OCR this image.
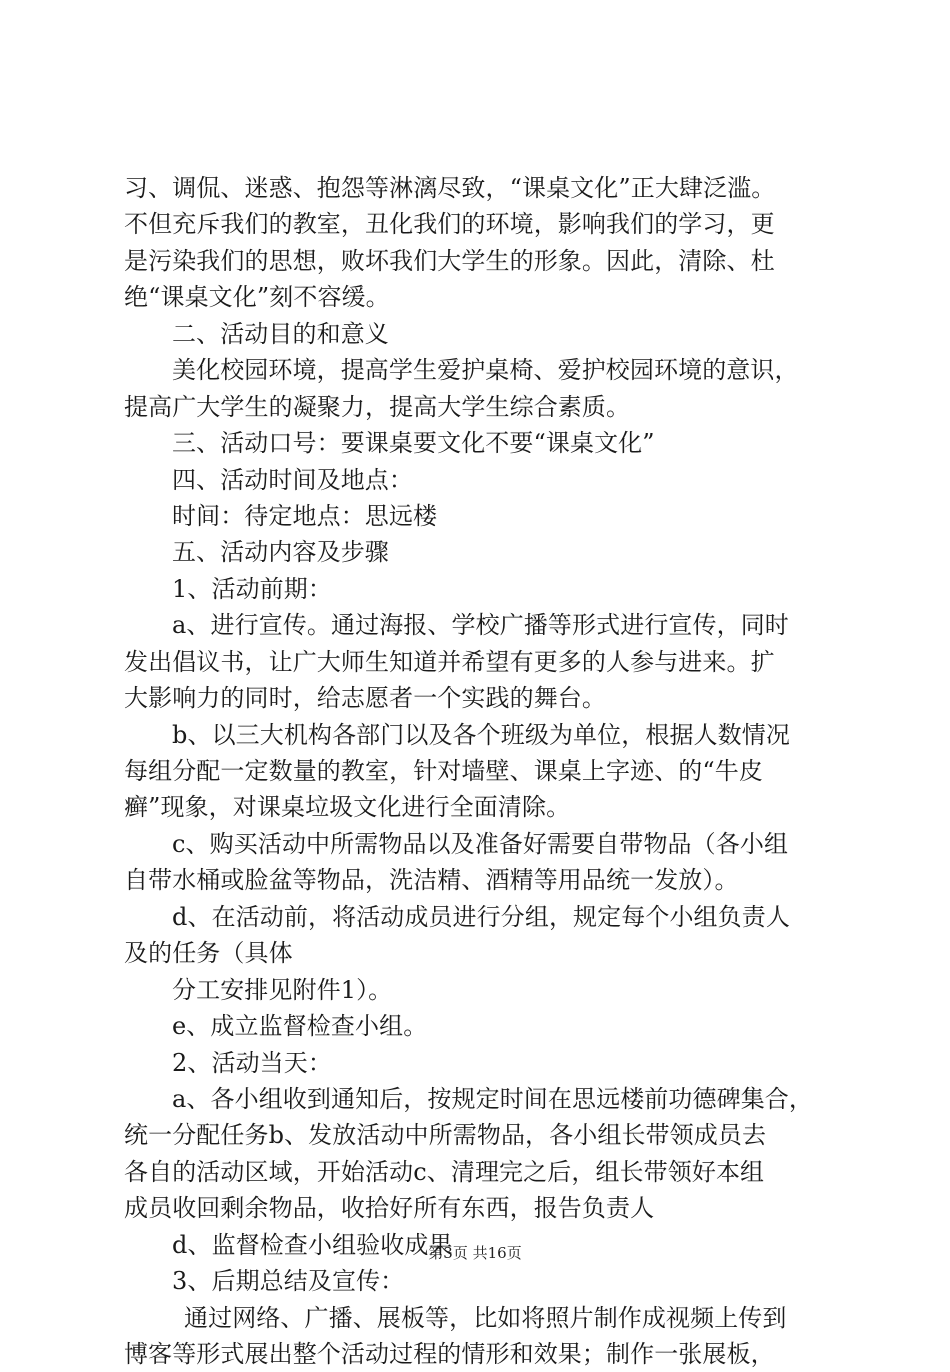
习、调侃、迷惑、抱怨等淋漓尽致，“课桌文化”正大肆泛滥。
不但充斥我们的教室，丑化我们的环境，影响我们的学习，更
是污染我们的思想，败坏我们大学生的形象。因此，清除、杜
绝“课桌文化”刻不容缓。
二、活动目的和意义
美化校园环境，提高学生爱护桌椅、爱护校园环境的意识，
提高广大学生的凝聚力，提高大学生综合素质。
三、活动口号：要课桌要文化不要“课桌文化”
四、活动时间及地点：
时间：待定地点：思远楼
五、活动内容及步骤
1、活动前期：
a、进行宣传。通过海报、学校广播等形式进行宣传，同时
发出倡议书，让广大师生知道并希望有更多的人参与进来。扩
大影响力的同时，给志愿者一个实践的舞台。
b、以三大机构各部门以及各个班级为单位，根据人数情况
每组分配一定数量的教室，针对墙壁、课桌上字迹、的“牛皮
癣”现象，对课桌垃圾文化进行全面清除。
c、购买活动中所需物品以及准备好需要自带物品（各小组
自带水桶或脸盆等物品，洗洁精、酒精等用品统一发放）。
d、在活动前，将活动成员进行分组，规定每个小组负责人
及的任务（具体
分工安排见附件1）。
e、成立监督检查小组。
2、活动当天：
a、各小组收到通知后，按规定时间在思远楼前功德碑集合，
统一分配任务b、发放活动中所需物品，各小组长带领成员去
各自的活动区域，开始活动c、清理完之后，组长带领好本组
成员收回剩余物品，收拾好所有东西，报告负责人
d、监督检查小组验收成果
3、后期总结及宣传：
通过网络、广播、展板等，比如将照片制作成视频上传到
博客等形式展出整个活动过程的情形和效果；制作一张展板，
第3页 共16页
